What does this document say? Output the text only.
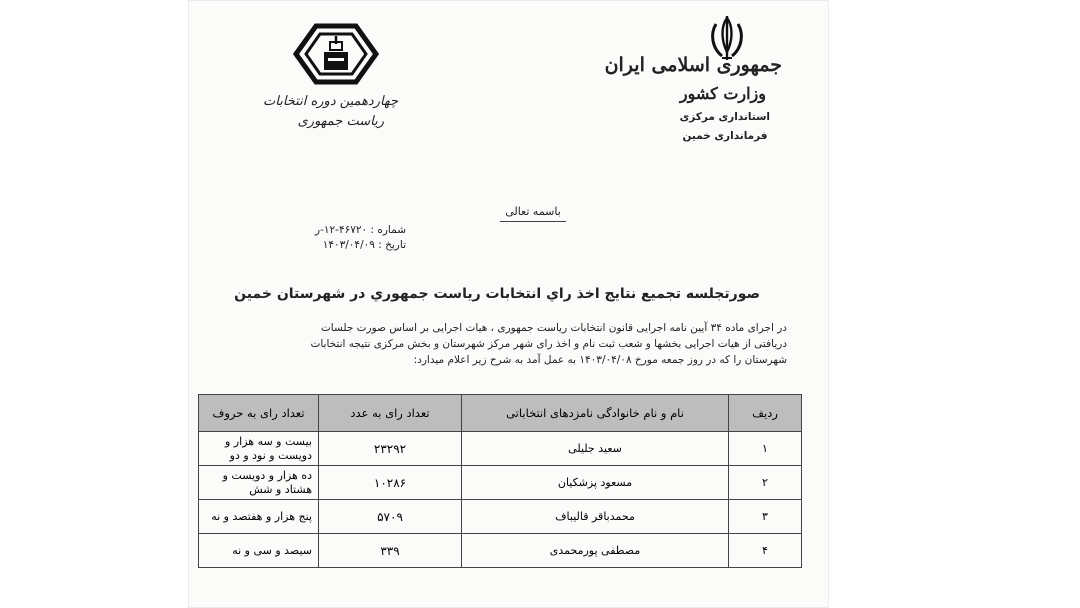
جمهوری اسلامی ایران
وزارت کشور
استانداری مرکزی
فرمانداری خمین
چهاردهمین دوره انتخابات
ریاست جمهوری
باسمه تعالی
شماره : ۴۶۷۲۰-۱۲-ر
تاریخ : ۱۴۰۳/۰۴/۰۹
صورتجلسه تجميع نتايج اخذ راي انتخابات رياست جمهوري در شهرستان خمين
در اجرای ماده ۳۴ آیین نامه اجرایی قانون انتخابات ریاست جمهوری ، هیات اجرایی بر اساس صورت جلسات
دریافتی از هیات اجرایی بخشها و شعب ثبت نام و اخذ رای شهر مرکز شهرستان و بخش مرکزی نتیجه انتخابات
شهرستان را که در روز جمعه مورخ ۱۴۰۳/۰۴/۰۸ به عمل آمد به شرح زیر اعلام میدارد:
ردیف	نام و نام خانوادگی نامزدهای انتخاباتی	تعداد رای به عدد	تعداد رای به حروف
۱	سعید جلیلی	۲۳۲۹۲	بیست و سه هزار و دویست و نود و دو
۲	مسعود پزشکیان	۱۰۲۸۶	ده هزار و دویست و هشتاد و شش
۳	محمدباقر قالیباف	۵۷۰۹	پنج هزار و هفتصد و نه
۴	مصطفی پورمحمدی	۳۳۹	سیصد و سی و نه
